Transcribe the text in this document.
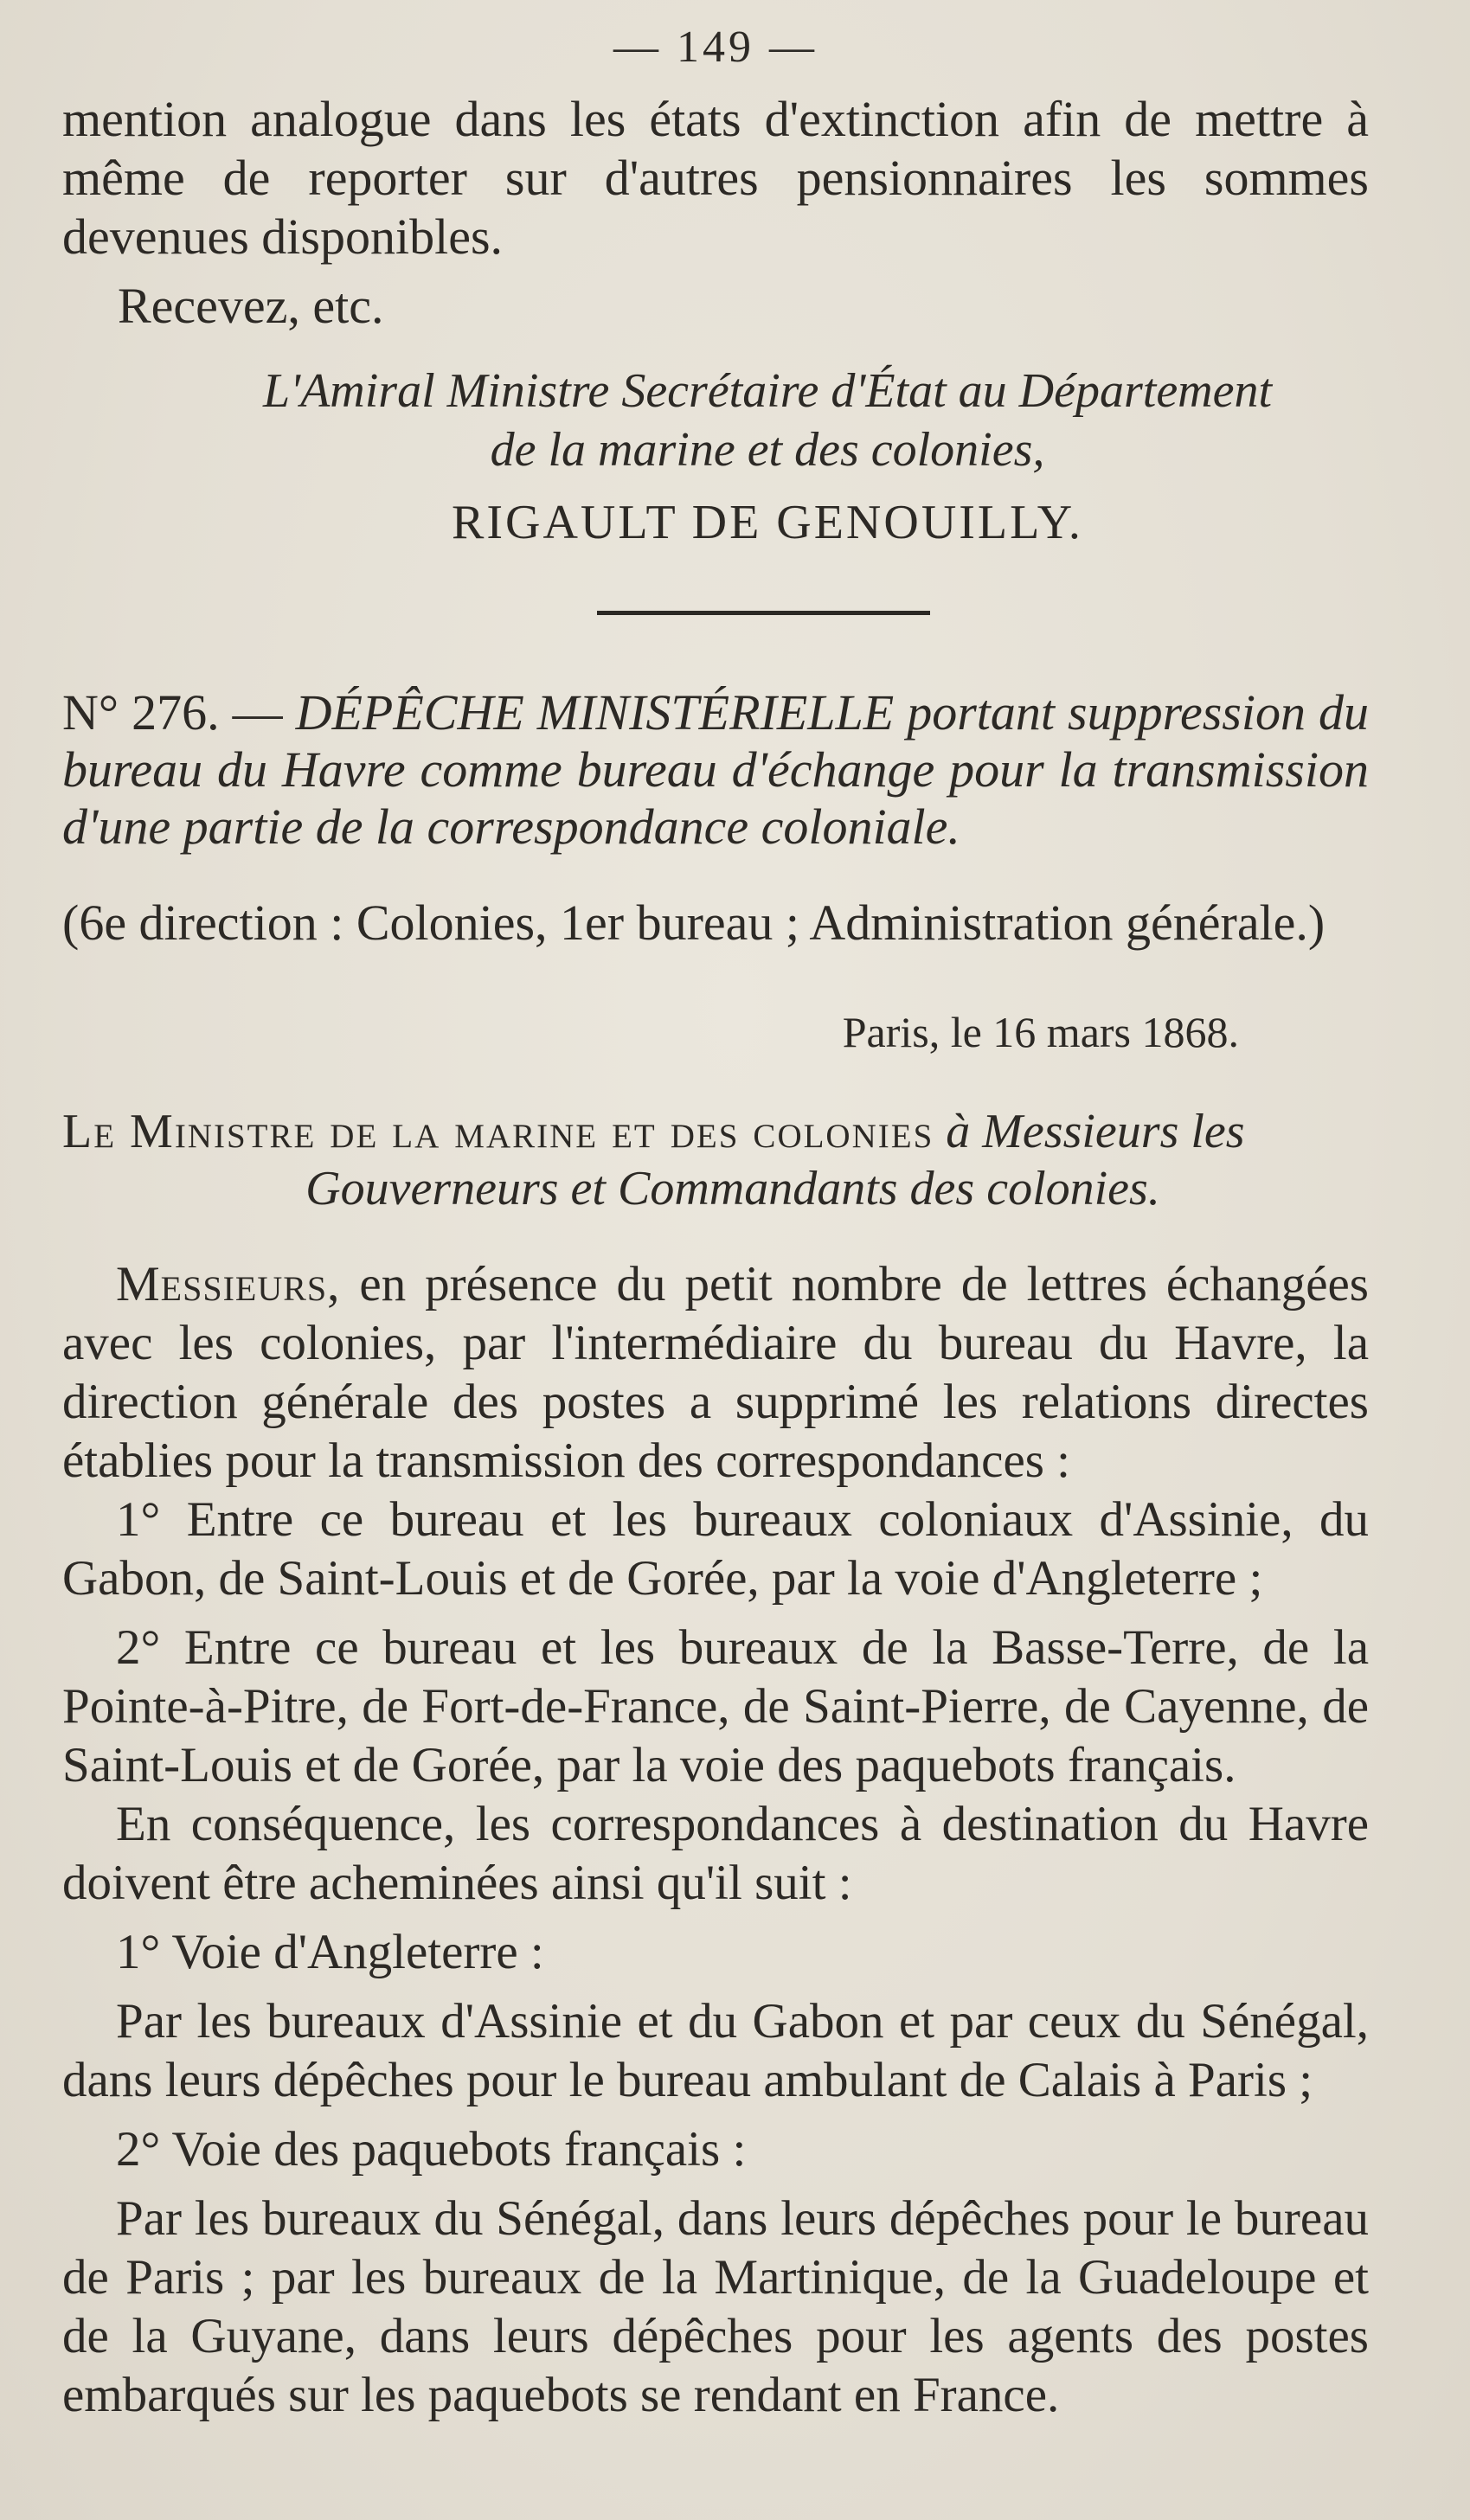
— 149 —

mention analogue dans les états d'extinction afin de mettre à même de reporter sur d'autres pensionnaires les sommes devenues disponibles.

Recevez, etc.

L'Amiral Ministre Secrétaire d'État au Département
de la marine et des colonies,
RIGAULT DE GENOUILLY.
N° 276. — DÉPÊCHE MINISTÉRIELLE portant suppression du bureau du Havre comme bureau d'échange pour la transmission d'une partie de la correspondance coloniale.
(6e direction : Colonies, 1er bureau ; Administration générale.)
Paris, le 16 mars 1868.
Le Ministre de la marine et des colonies à Messieurs les
Gouverneurs et Commandants des colonies.

Messieurs, en présence du petit nombre de lettres échangées avec les colonies, par l'intermédiaire du bureau du Havre, la direction générale des postes a supprimé les relations directes établies pour la transmission des correspondances :

1° Entre ce bureau et les bureaux coloniaux d'Assinie, du Gabon, de Saint-Louis et de Gorée, par la voie d'Angleterre ;

2° Entre ce bureau et les bureaux de la Basse-Terre, de la Pointe-à-Pitre, de Fort-de-France, de Saint-Pierre, de Cayenne, de Saint-Louis et de Gorée, par la voie des paquebots français.

En conséquence, les correspondances à destination du Havre doivent être acheminées ainsi qu'il suit :

1° Voie d'Angleterre :

Par les bureaux d'Assinie et du Gabon et par ceux du Sénégal, dans leurs dépêches pour le bureau ambulant de Calais à Paris ;

2° Voie des paquebots français :

Par les bureaux du Sénégal, dans leurs dépêches pour le bureau de Paris ; par les bureaux de la Martinique, de la Guadeloupe et de la Guyane, dans leurs dépêches pour les agents des postes embarqués sur les paquebots se rendant en France.
